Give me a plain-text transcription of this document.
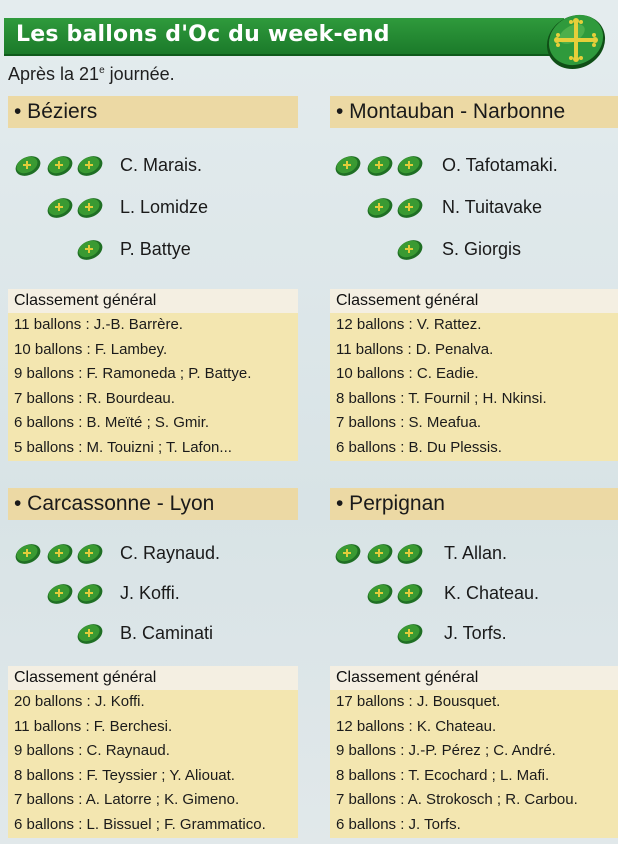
Les ballons d'Oc du week-end
Après la 21e journée.
• Béziers
C. Marais.
L. Lomidze
P. Battye
Classement général
11 ballons : J.-B. Barrère.
10 ballons : F. Lambey.
9 ballons : F. Ramoneda ; P. Battye.
7 ballons : R. Bourdeau.
6 ballons : B. Meïté ; S. Gmir.
5 ballons : M. Touizni ; T. Lafon...
• Montauban - Narbonne
O. Tafotamaki.
N. Tuitavake
S. Giorgis
Classement général
12 ballons : V. Rattez.
11 ballons : D. Penalva.
10 ballons : C. Eadie.
8 ballons : T. Fournil ; H. Nkinsi.
7 ballons : S. Meafua.
6 ballons : B. Du Plessis.
• Carcassonne - Lyon
C. Raynaud.
J. Koffi.
B. Caminati
Classement général
20 ballons : J. Koffi.
11 ballons : F. Berchesi.
9 ballons : C. Raynaud.
8 ballons : F. Teyssier ; Y. Aliouat.
7 ballons : A. Latorre ; K. Gimeno.
6 ballons : L. Bissuel ; F. Grammatico.
• Perpignan
T. Allan.
K. Chateau.
J. Torfs.
Classement général
17 ballons : J. Bousquet.
12 ballons : K. Chateau.
9 ballons : J.-P. Pérez ; C. André.
8 ballons : T. Ecochard ; L. Mafi.
7 ballons : A. Strokosch ; R. Carbou.
6 ballons : J. Torfs.
